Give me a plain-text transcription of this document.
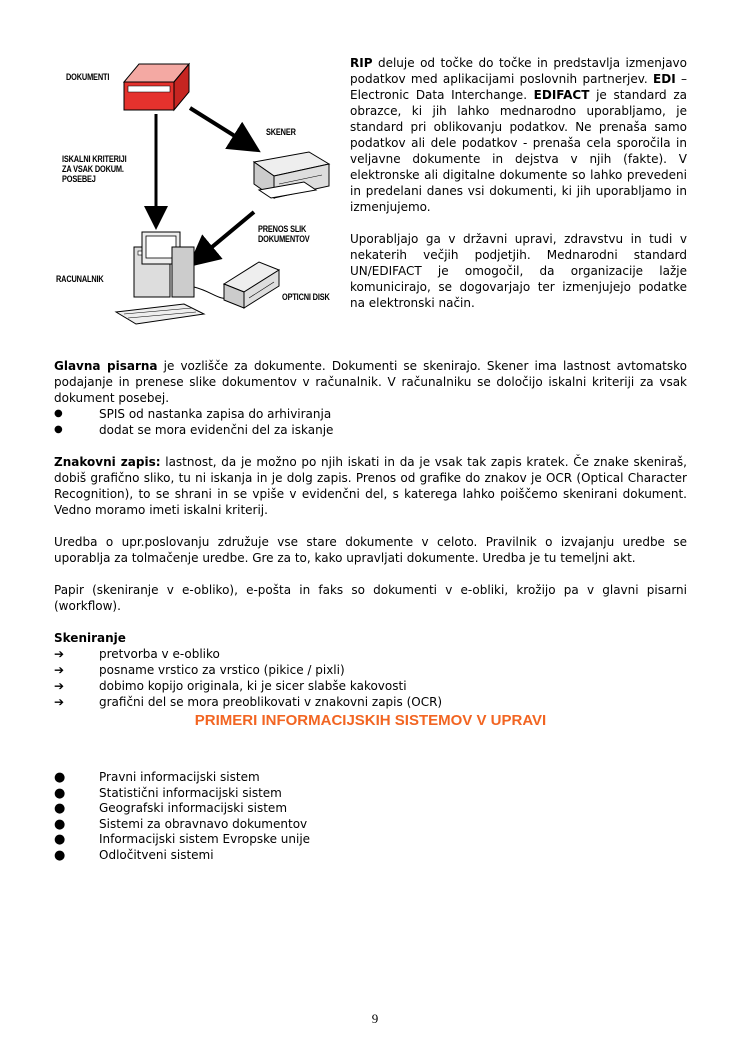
DOKUMENTI
SKENER
ISKALNI KRITERIJI
ZA VSAK DOKUM.
POSEBEJ
PRENOS SLIK
DOKUMENTOV
RACUNALNIK
OPTICNI DISK

RIP deluje od točke do točke in predstavlja izmenjavo podatkov med aplikacijami poslovnih partnerjev. EDI – Electronic Data Interchange. EDIFACT je standard za obrazce, ki jih lahko mednarodno uporabljamo, je standard pri oblikovanju podatkov. Ne prenaša samo podatkov ali dele podatkov - prenaša cela sporočila in veljavne dokumente in dejstva v njih (fakte). V elektronske ali digitalne dokumente so lahko prevedeni in predelani danes vsi dokumenti, ki jih uporabljamo in izmenjujemo.

Uporabljajo ga v državni upravi, zdravstvu in tudi v nekaterih večjih podjetjih. Mednarodni standard UN/EDIFACT je omogočil, da organizacije lažje komunicirajo, se dogovarjajo ter izmenjujejo podatke na elektronski način.

Glavna pisarna je vozlišče za dokumente. Dokumenti se skenirajo. Skener ima lastnost avtomatsko podajanje in prenese slike dokumentov v računalnik. V računalniku se določijo iskalni kriteriji za vsak dokument posebej.

●	SPIS od nastanka zapisa do arhiviranja
●	dodat se mora evidenčni del za iskanje

Znakovni zapis: lastnost, da je možno po njih iskati in da je vsak tak zapis kratek. Če znake skeniraš, dobiš grafično sliko, tu ni iskanja in je dolg zapis. Prenos od grafike do znakov je OCR (Optical Character Recognition), to se shrani in se vpiše v evidenčni del, s katerega lahko poiščemo skenirani dokument. Vedno moramo imeti iskalni kriterij.

Uredba o upr.poslovanju združuje vse stare dokumente v celoto. Pravilnik o izvajanju uredbe se uporablja za tolmačenje uredbe. Gre za to, kako upravljati dokumente. Uredba je tu temeljni akt.

Papir (skeniranje v e-obliko), e-pošta in faks so dokumenti v e-obliki, krožijo pa v glavni pisarni (workflow).

Skeniranje

➔	pretvorba v e-obliko
➔	posname vrstico za vrstico (pikice / pixli)
➔	dobimo kopijo originala, ki je sicer slabše kakovosti
➔	grafični del se mora preoblikovati v znakovni zapis (OCR)
PRIMERI INFORMACIJSKIH SISTEMOV V UPRAVI
●	Pravni informacijski sistem
●	Statistični informacijski sistem
●	Geografski informacijski sistem
●	Sistemi za obravnavo dokumentov
●	Informacijski sistem Evropske unije
●	Odločitveni sistemi
9
